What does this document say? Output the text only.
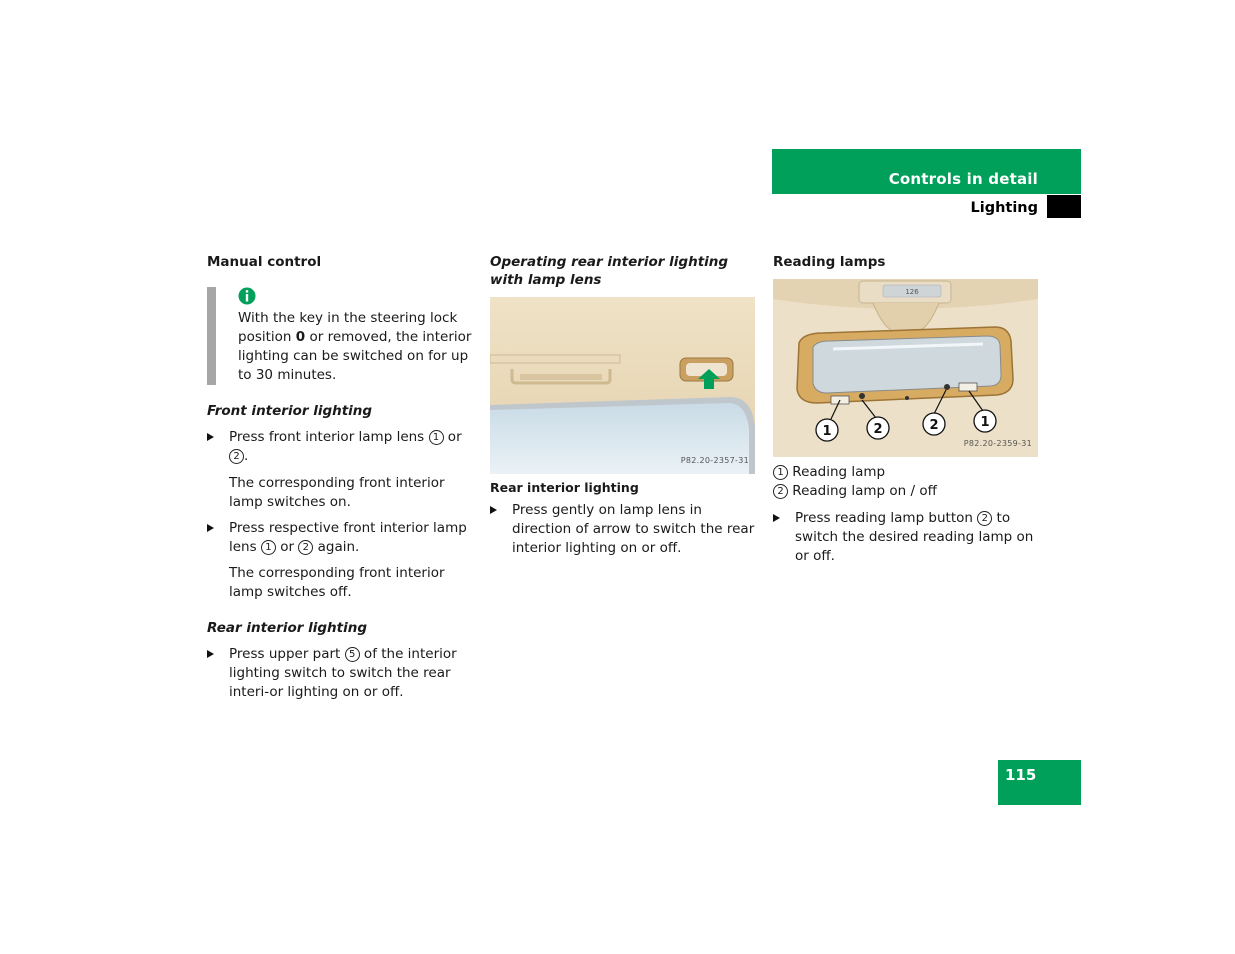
Controls in detail
Lighting

Manual control

With the key in the steering lock position 0 or removed, the interior lighting can be switched on for up to 30 minutes.

Front interior lighting

Press front interior lamp lens 1 or 2 .

The corresponding front interior lamp switches on.

Press respective front interior lamp lens 1 or 2 again.

The corresponding front interior lamp switches off.

Rear interior lighting

Press upper part 5 of the interior lighting switch to switch the rear interi-or lighting on or off.

Operating rear interior lighting with lamp lens

P82.20-2357-31

Rear interior lighting

Press gently on lamp lens in direction of arrow to switch the rear interior lighting on or off.

Reading lamps

1	2	2	1
126
P82.20-2359-31

1 Reading lamp

2 Reading lamp on / off

Press reading lamp button 2 to switch the desired reading lamp on or off.

115
